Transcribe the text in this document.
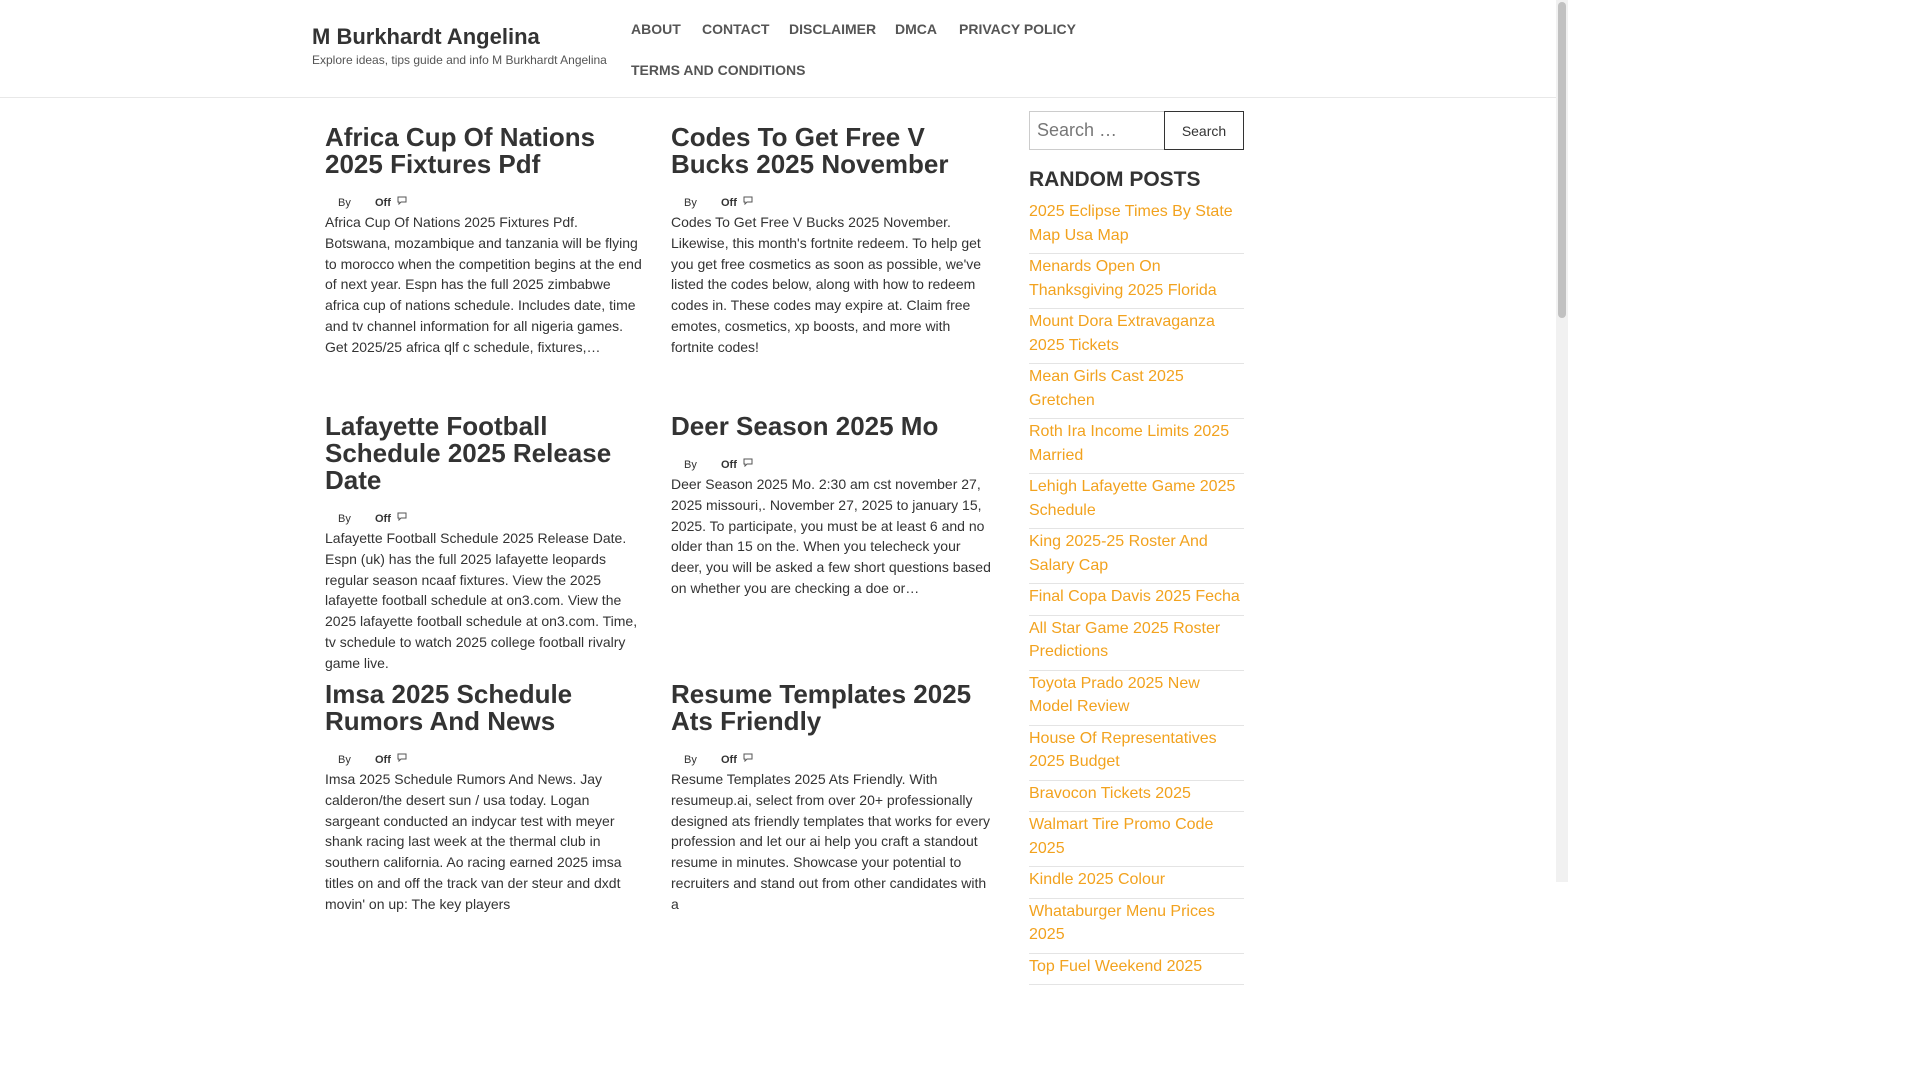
M Burkhardt Angelina
Explore ideas, tips guide and info M Burkhardt Angelina
ABOUT CONTACT DISCLAIMER DMCA PRIVACY POLICY
TERMS AND CONDITIONS
Africa Cup Of Nations 2025 Fixtures Pdf
By Off
Africa Cup Of Nations 2025 Fixtures Pdf. Botswana, mozambique and tanzania will be flying to morocco when the competition begins at the end of next year. Espn has the full 2025 zimbabwe africa cup of nations schedule. Includes date, time and tv channel information for all nigeria games. Get 2025/25 africa qlf c schedule, fixtures,…
Codes To Get Free V Bucks 2025 November
By Off
Codes To Get Free V Bucks 2025 November. Likewise, this month's fortnite redeem. To help get you get free cosmetics as soon as possible, we've listed the codes below, along with how to redeem codes in. These codes may expire at. Claim free emotes, cosmetics, xp boosts, and more with fortnite codes!
Lafayette Football Schedule 2025 Release Date
By Off
Lafayette Football Schedule 2025 Release Date. Espn (uk) has the full 2025 lafayette leopards regular season ncaaf fixtures. View the 2025 lafayette football schedule at on3.com. View the 2025 lafayette football schedule at on3.com. Time, tv schedule to watch 2025 college football rivalry game live.
Deer Season 2025 Mo
By Off
Deer Season 2025 Mo. 2:30 am cst november 27, 2025 missouri,. November 27, 2025 to january 15, 2025. To participate, you must be at least 6 and no older than 15 on the. When you telecheck your deer, you will be asked a few short questions based on whether you are checking a doe or…
Imsa 2025 Schedule Rumors And News
By Off
Imsa 2025 Schedule Rumors And News. Jay calderon/the desert sun / usa today. Logan sargeant conducted an indycar test with meyer shank racing last week at the thermal club in southern california. Ao racing earned 2025 imsa titles on and off the track van der steur and dxdt movin' on up: The key players
Resume Templates 2025 Ats Friendly
By Off
Resume Templates 2025 Ats Friendly. With resumeup.ai, select from over 20+ professionally designed ats friendly templates that works for every profession and let our ai help you craft a standout resume in minutes. Showcase your potential to recruiters and stand out from other candidates with a
Search …	Search
RANDOM POSTS
2025 Eclipse Times By State Map Usa Map
Menards Open On Thanksgiving 2025 Florida
Mount Dora Extravaganza 2025 Tickets
Mean Girls Cast 2025 Gretchen
Roth Ira Income Limits 2025 Married
Lehigh Lafayette Game 2025 Schedule
King 2025-25 Roster And Salary Cap
Final Copa Davis 2025 Fecha
All Star Game 2025 Roster Predictions
Toyota Prado 2025 New Model Review
House Of Representatives 2025 Budget
Bravocon Tickets 2025
Walmart Tire Promo Code 2025
Kindle 2025 Colour
Whataburger Menu Prices 2025
Top Fuel Weekend 2025
